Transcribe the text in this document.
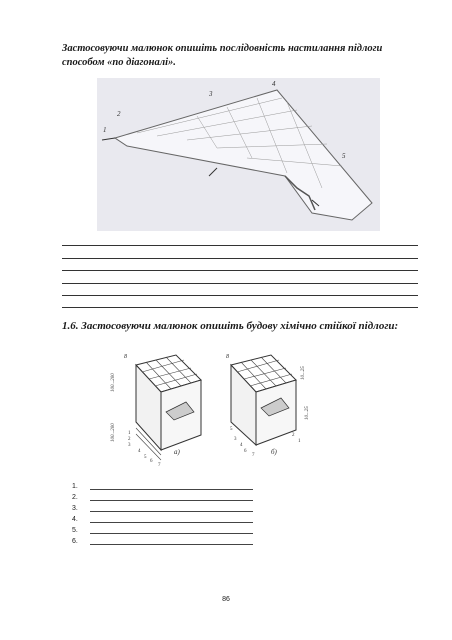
Застосовуючи малюнок опишіть послідовність настилання підлоги способом «по діагоналі».

2
1
3
4
5

1.6. Застосовуючи малюнок опишіть будову хімічно стійкої підлоги:

8
100...200
100...200 1
2
3
4
5
6
7
а)
8
10...25
10...25
1
2
3
4
5
6
7 б)
1.
2.
3.
4.
5.
6.
86
